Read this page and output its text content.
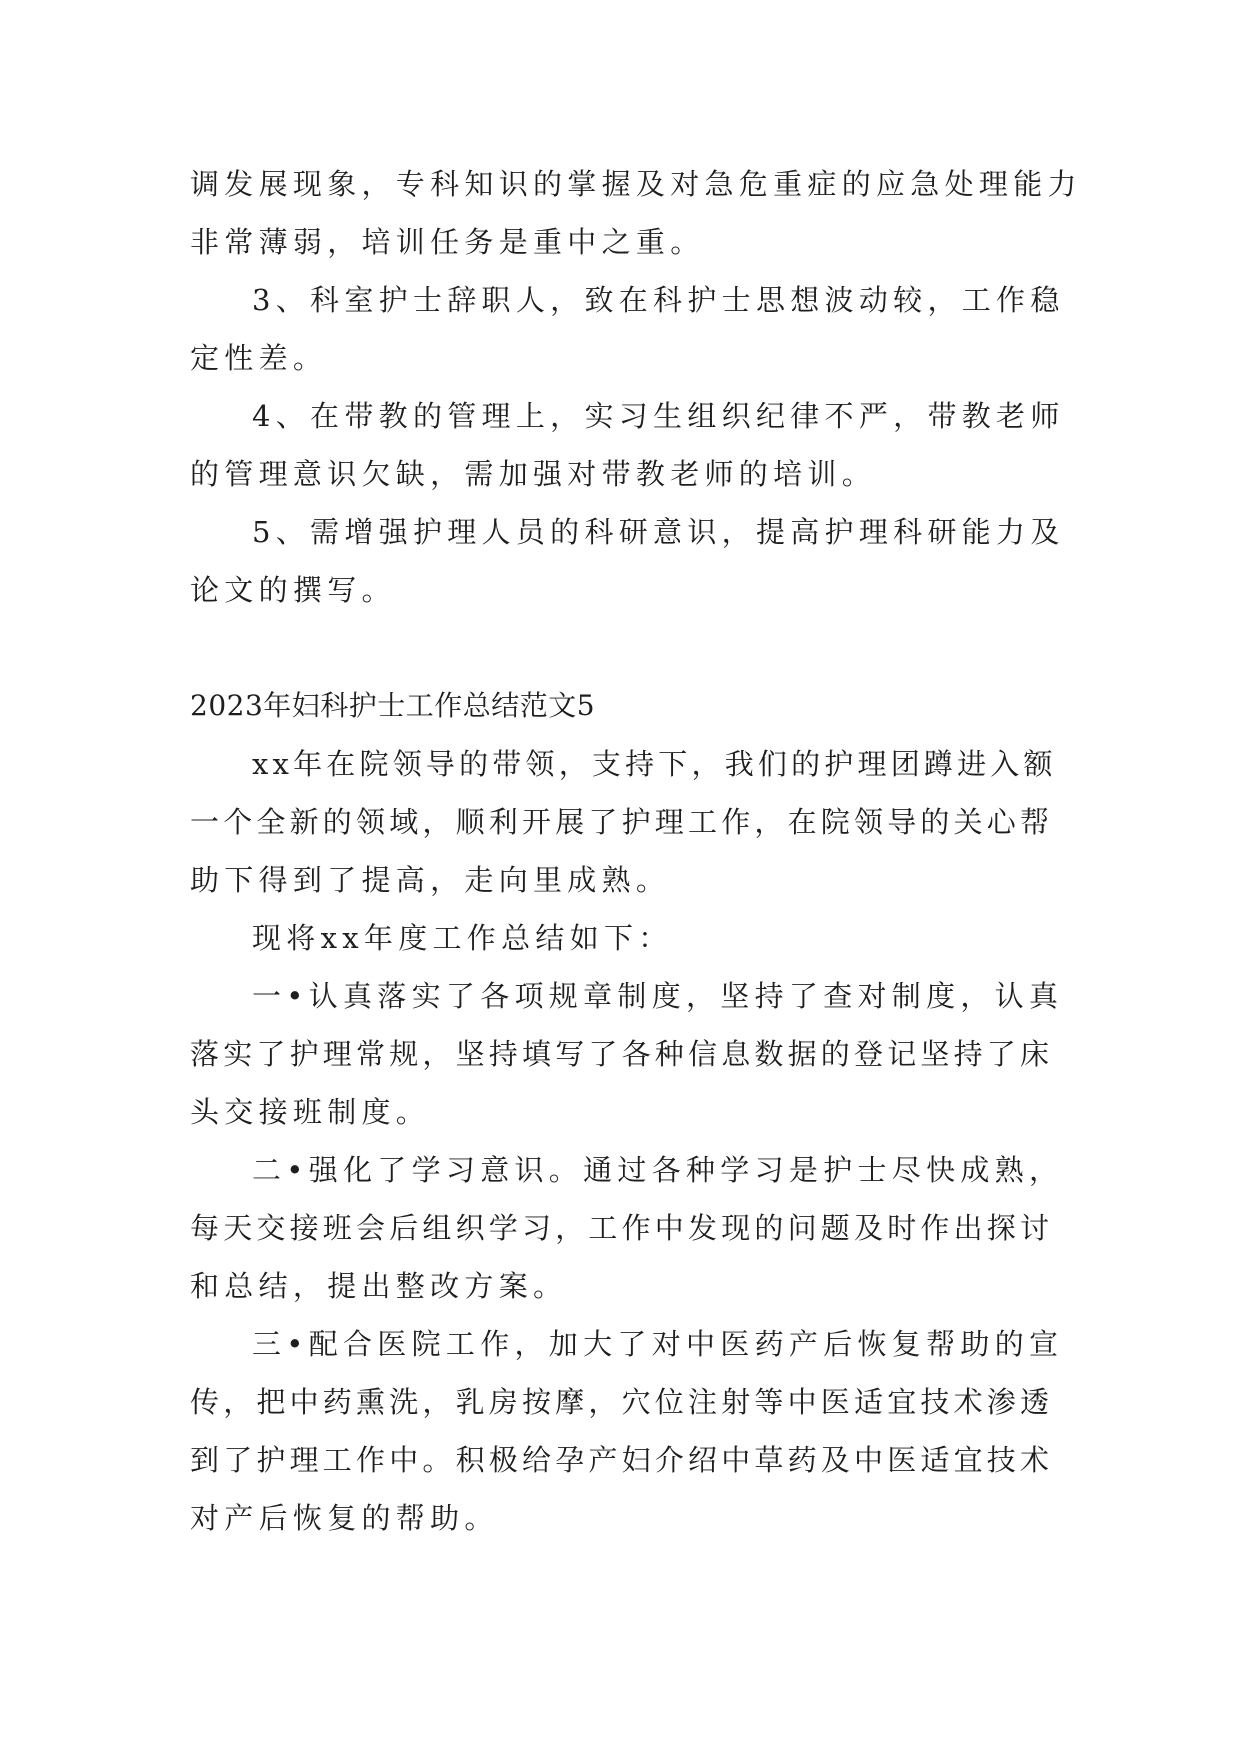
调发展现象，专科知识的掌握及对急危重症的应急处理能力
非常薄弱，培训任务是重中之重。
3、科室护士辞职人，致在科护士思想波动较，工作稳
定性差。
4、在带教的管理上，实习生组织纪律不严，带教老师
的管理意识欠缺，需加强对带教老师的培训。
5、需增强护理人员的科研意识，提高护理科研能力及
论文的撰写。
2023年妇科护士工作总结范文5
xx年在院领导的带领，支持下，我们的护理团蹲进入额
一个全新的领域，顺利开展了护理工作，在院领导的关心帮
助下得到了提高，走向里成熟。
现将xx年度工作总结如下：
一•认真落实了各项规章制度，坚持了查对制度，认真
落实了护理常规，坚持填写了各种信息数据的登记坚持了床
头交接班制度。
二•强化了学习意识。通过各种学习是护士尽快成熟，
每天交接班会后组织学习，工作中发现的问题及时作出探讨
和总结，提出整改方案。
三•配合医院工作，加大了对中医药产后恢复帮助的宣
传，把中药熏洗，乳房按摩，穴位注射等中医适宜技术渗透
到了护理工作中。积极给孕产妇介绍中草药及中医适宜技术
对产后恢复的帮助。
